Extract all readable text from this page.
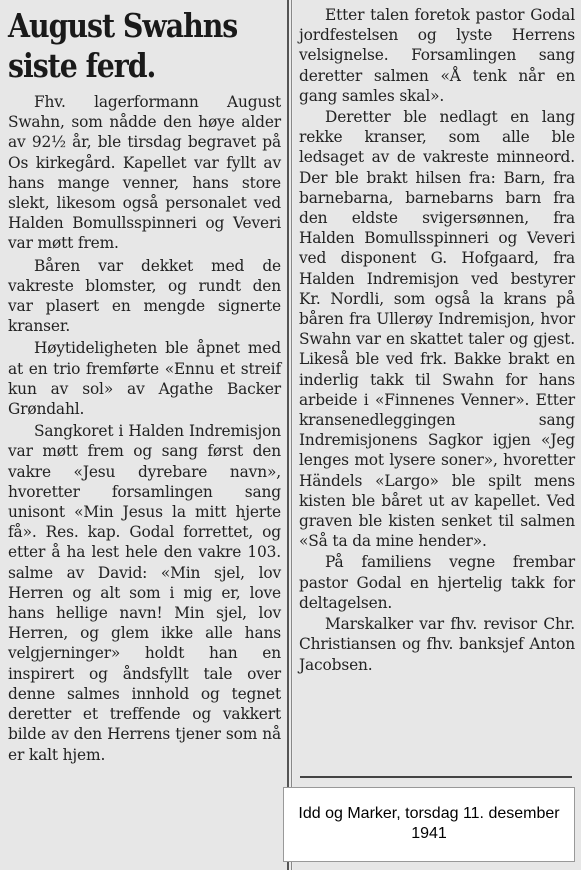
August Swahns siste ferd.

Fhv. lagerformann August Swahn, som nådde den høye alder av 92½ år, ble tirsdag begravet på Os kirkegård. Kapellet var fyllt av hans mange venner, hans store slekt, likesom også personalet ved Halden Bomullsspinneri og Veveri var møtt frem.

Båren var dekket med de vakreste blomster, og rundt den var plasert en mengde signerte kranser.

Høytideligheten ble åpnet med at en trio fremførte «Ennu et streif kun av sol» av Agathe Backer Grøndahl.

Sangkoret i Halden Indremisjon var møtt frem og sang først den vakre «Jesu dyrebare navn», hvoretter forsamlingen sang unisont «Min Jesus la mitt hjerte få». Res. kap. Godal forrettet, og etter å ha lest hele den vakre 103. salme av David: «Min sjel, lov Herren og alt som i mig er, love hans hellige navn! Min sjel, lov Herren, og glem ikke alle hans velgjerninger» holdt han en inspirert og åndsfyllt tale over denne salmes innhold og tegnet deretter et treffende og vakkert bilde av den Herrens tjener som nå er kalt hjem.

Etter talen foretok pastor Godal jordfestelsen og lyste Herrens velsignelse. Forsamlingen sang deretter salmen «Å tenk når en gang samles skal».

Deretter ble nedlagt en lang rekke kranser, som alle ble ledsaget av de vakreste minneord. Der ble brakt hilsen fra: Barn, fra barnebarna, barnebarns barn fra den eldste svigersønnen, fra Halden Bomullsspinneri og Veveri ved disponent G. Hofgaard, fra Halden Indremisjon ved bestyrer Kr. Nordli, som også la krans på båren fra Ullerøy Indremisjon, hvor Swahn var en skattet taler og gjest. Likeså ble ved frk. Bakke brakt en inderlig takk til Swahn for hans arbeide i «Finnenes Venner». Etter kransenedleggingen sang Indremisjonens Sagkor igjen «Jeg lenges mot lysere soner», hvoretter Händels «Largo» ble spilt mens kisten ble båret ut av kapellet. Ved graven ble kisten senket til salmen «Så ta da mine hender».

På familiens vegne frembar pastor Godal en hjertelig takk for deltagelsen.

Marskalker var fhv. revisor Chr. Christiansen og fhv. banksjef Anton Jacobsen.

Idd og Marker, torsdag 11. desember
1941
